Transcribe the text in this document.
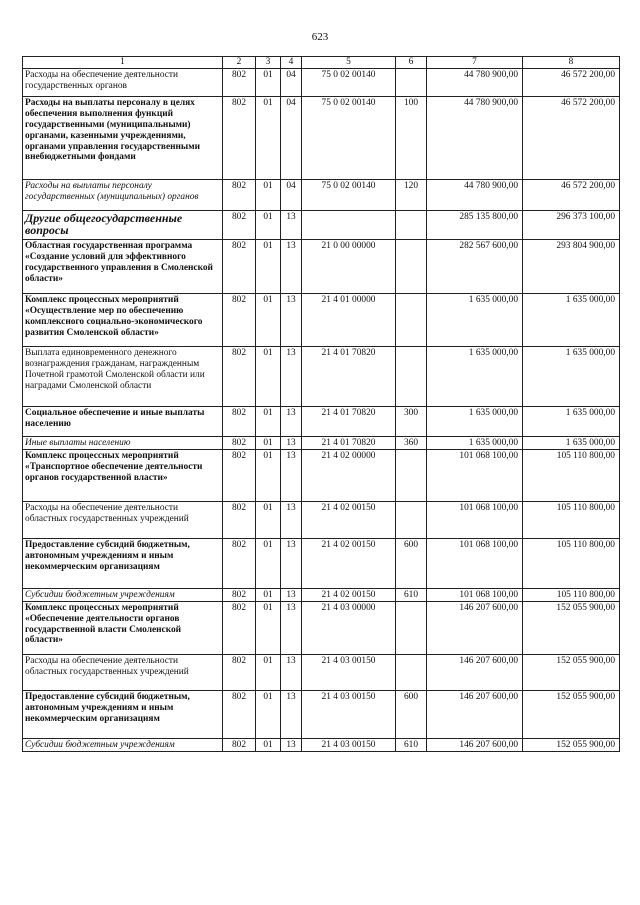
623
1	2	3	4	5	6	7	8
Расходы на обеспечение деятельности государственных органов	802	01	04	75 0 02 00140		44 780 900,00	46 572 200,00
Расходы на выплаты персоналу в целях обеспечения выполнения функций государственными (муниципальными) органами, казенными учреждениями, органами управления государственными внебюджетными фондами	802	01	04	75 0 02 00140	100	44 780 900,00	46 572 200,00
Расходы на выплаты персоналу государственных (муниципальных) органов	802	01	04	75 0 02 00140	120	44 780 900,00	46 572 200,00
Другие общегосударственные вопросы	802	01	13			285 135 800,00	296 373 100,00
Областная государственная программа «Создание условий для эффективного государственного управления в Смоленской области»	802	01	13	21 0 00 00000		282 567 600,00	293 804 900,00
Комплекс процессных мероприятий «Осуществление мер по обеспечению комплексного социально-экономического развития Смоленской области»	802	01	13	21 4 01 00000		1 635 000,00	1 635 000,00
Выплата единовременного денежного вознаграждения гражданам, награжденным Почетной грамотой Смоленской области или наградами Смоленской области	802	01	13	21 4 01 70820		1 635 000,00	1 635 000,00
Социальное обеспечение и иные выплаты населению	802	01	13	21 4 01 70820	300	1 635 000,00	1 635 000,00
Иные выплаты населению	802	01	13	21 4 01 70820	360	1 635 000,00	1 635 000,00
Комплекс процессных мероприятий «Транспортное обеспечение деятельности органов государственной власти»	802	01	13	21 4 02 00000		101 068 100,00	105 110 800,00
Расходы на обеспечение деятельности областных государственных учреждений	802	01	13	21 4 02 00150		101 068 100,00	105 110 800,00
Предоставление субсидий бюджетным, автономным учреждениям и иным некоммерческим организациям	802	01	13	21 4 02 00150	600	101 068 100,00	105 110 800,00
Субсидии бюджетным учреждениям	802	01	13	21 4 02 00150	610	101 068 100,00	105 110 800,00
Комплекс процессных мероприятий «Обеспечение деятельности органов государственной власти Смоленской области»	802	01	13	21 4 03 00000		146 207 600,00	152 055 900,00
Расходы на обеспечение деятельности областных государственных учреждений	802	01	13	21 4 03 00150		146 207 600,00	152 055 900,00
Предоставление субсидий бюджетным, автономным учреждениям и иным некоммерческим организациям	802	01	13	21 4 03 00150	600	146 207 600,00	152 055 900,00
Субсидии бюджетным учреждениям	802	01	13	21 4 03 00150	610	146 207 600,00	152 055 900,00
